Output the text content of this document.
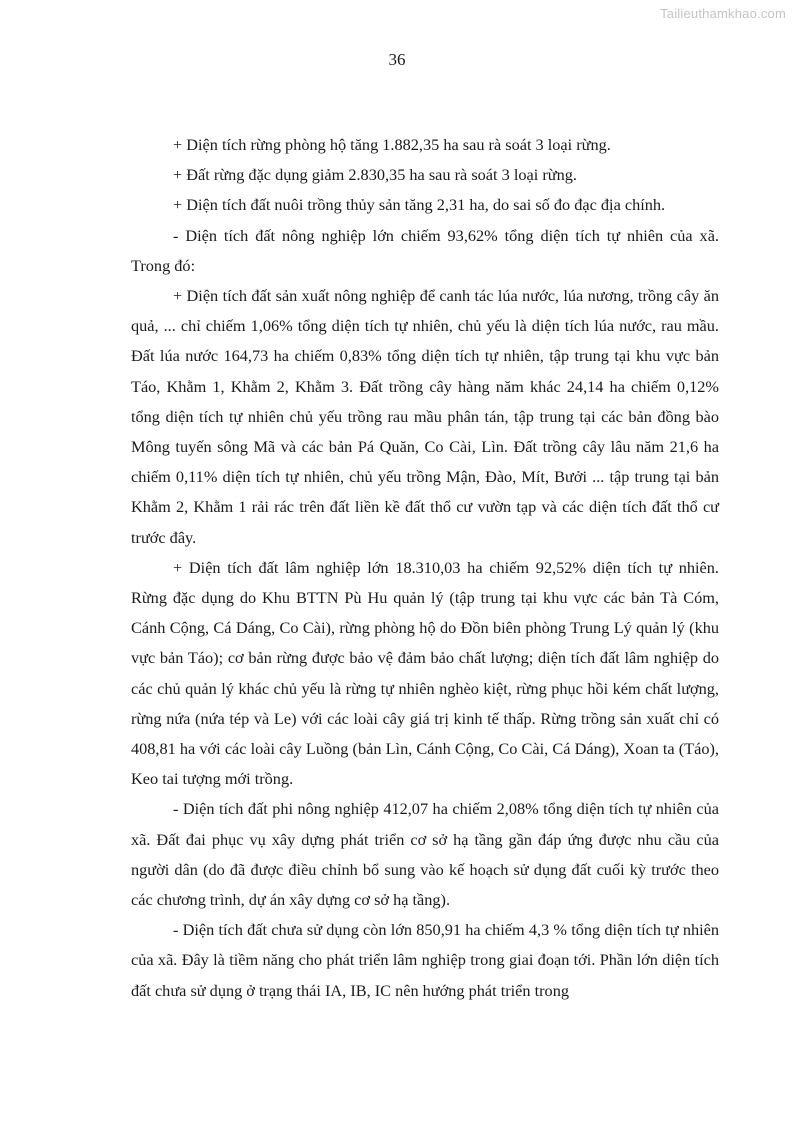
Tailieuthamkhao.com
36

+ Diện tích rừng phòng hộ tăng 1.882,35 ha sau rà soát 3 loại rừng.

+ Đất rừng đặc dụng giảm 2.830,35 ha sau rà soát 3 loại rừng.

+ Diện tích đất nuôi trồng thủy sản tăng 2,31 ha, do sai số đo đạc địa chính.

- Diện tích đất nông nghiệp lớn chiếm 93,62% tổng diện tích tự nhiên của xã. Trong đó:

+ Diện tích đất sản xuất nông nghiệp để canh tác lúa nước, lúa nương, trồng cây ăn quả, ... chỉ chiếm 1,06% tổng diện tích tự nhiên, chủ yếu là diện tích lúa nước, rau mầu. Đất lúa nước 164,73 ha chiếm 0,83% tổng diện tích tự nhiên, tập trung tại khu vực bản Táo, Khằm 1, Khằm 2, Khằm 3. Đất trồng cây hàng năm khác 24,14 ha chiếm 0,12% tổng diện tích tự nhiên chủ yếu trồng rau mầu phân tán, tập trung tại các bản đồng bào Mông tuyến sông Mã và các bản Pá Quăn, Co Cài, Lìn. Đất trồng cây lâu năm 21,6 ha chiếm 0,11% diện tích tự nhiên, chủ yếu trồng Mận, Đào, Mít, Bưởi ... tập trung tại bản Khằm 2, Khằm 1 rải rác trên đất liền kề đất thổ cư vườn tạp và các diện tích đất thổ cư trước đây.

+ Diện tích đất lâm nghiệp lớn 18.310,03 ha chiếm 92,52% diện tích tự nhiên. Rừng đặc dụng do Khu BTTN Pù Hu quản lý (tập trung tại khu vực các bản Tà Cóm, Cánh Cộng, Cá Dáng, Co Cài), rừng phòng hộ do Đồn biên phòng Trung Lý quản lý (khu vực bản Táo); cơ bản rừng được bảo vệ đảm bảo chất lượng; diện tích đất lâm nghiệp do các chủ quản lý khác chủ yếu là rừng tự nhiên nghèo kiệt, rừng phục hồi kém chất lượng, rừng nứa (nứa tép và Le) với các loài cây giá trị kinh tế thấp. Rừng trồng sản xuất chỉ có 408,81 ha với các loài cây Luồng (bản Lìn, Cánh Cộng, Co Cài, Cá Dáng), Xoan ta (Táo), Keo tai tượng mới trồng.

- Diện tích đất phi nông nghiệp 412,07 ha chiếm 2,08% tổng diện tích tự nhiên của xã. Đất đai phục vụ xây dựng phát triển cơ sở hạ tầng gần đáp ứng được nhu cầu của người dân (do đã được điều chỉnh bổ sung vào kế hoạch sử dụng đất cuối kỳ trước theo các chương trình, dự án xây dựng cơ sở hạ tầng).

- Diện tích đất chưa sử dụng còn lớn 850,91 ha chiếm 4,3 % tổng diện tích tự nhiên của xã. Đây là tiềm năng cho phát triển lâm nghiệp trong giai đoạn tới. Phần lớn diện tích đất chưa sử dụng ở trạng thái IA, IB, IC nên hướng phát triển trong
